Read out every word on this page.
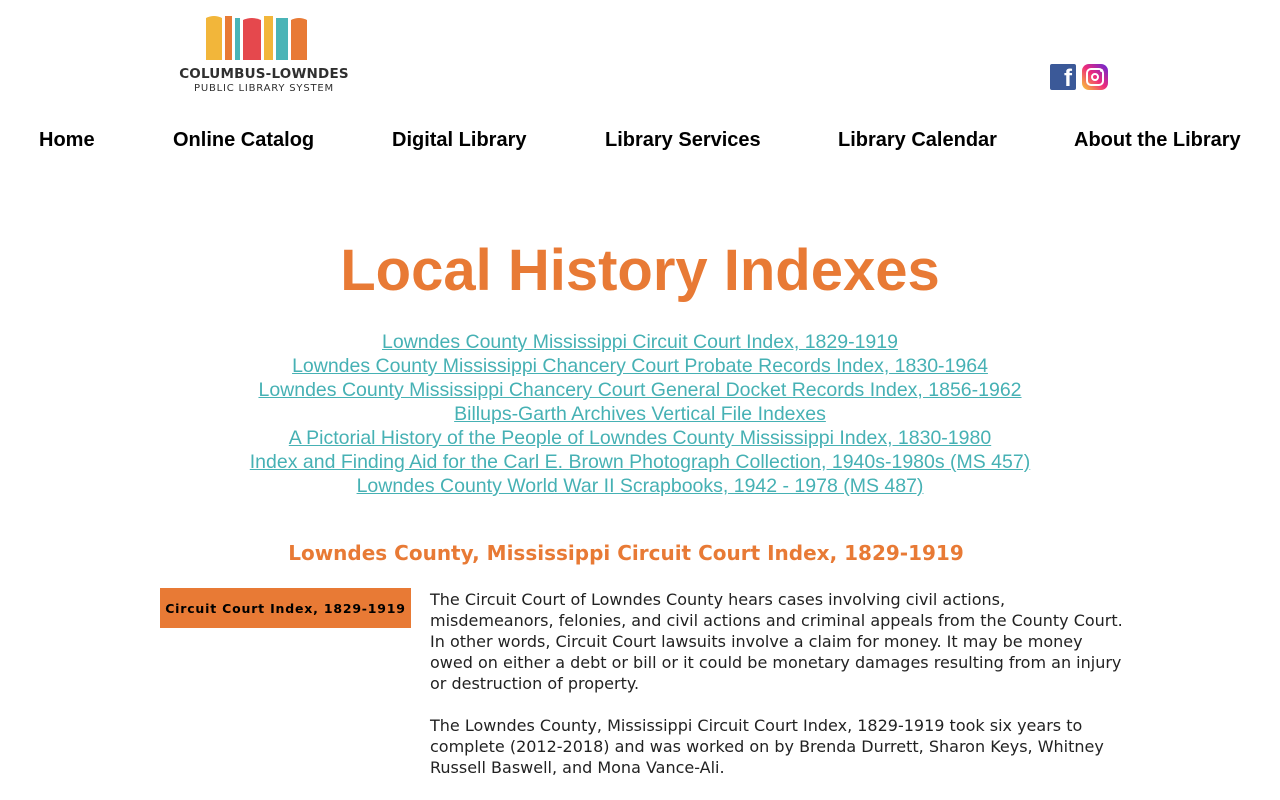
COLUMBUS-LOWNDES
PUBLIC LIBRARY SYSTEM	f
Home	Online Catalog	Digital Library	Library Services	Library Calendar	About the Library
Local History Indexes
Lowndes County Mississippi Circuit Court Index, 1829-1919
Lowndes County Mississippi Chancery Court Probate Records Index, 1830-1964
Lowndes County Mississippi Chancery Court General Docket Records Index, 1856-1962
Billups-Garth Archives Vertical File Indexes
A Pictorial History of the People of Lowndes County Mississippi Index, 1830-1980
Index and Finding Aid for the Carl E. Brown Photograph Collection, 1940s-1980s (MS 457)
Lowndes County World War II Scrapbooks, 1942 - 1978 (MS 487)
Lowndes County, Mississippi Circuit Court Index, 1829-1919
Circuit Court Index, 1829-1919	The Circuit Court of Lowndes County hears cases involving civil actions, misdemeanors, felonies, and civil actions and criminal appeals from the County Court. In other words, Circuit Court lawsuits involve a claim for money. It may be money owed on either a debt or bill or it could be monetary damages resulting from an injury or destruction of property.

The Lowndes County, Mississippi Circuit Court Index, 1829-1919 took six years to complete (2012-2018) and was worked on by Brenda Durrett, Sharon Keys, Whitney Russell Baswell, and Mona Vance-Ali.
